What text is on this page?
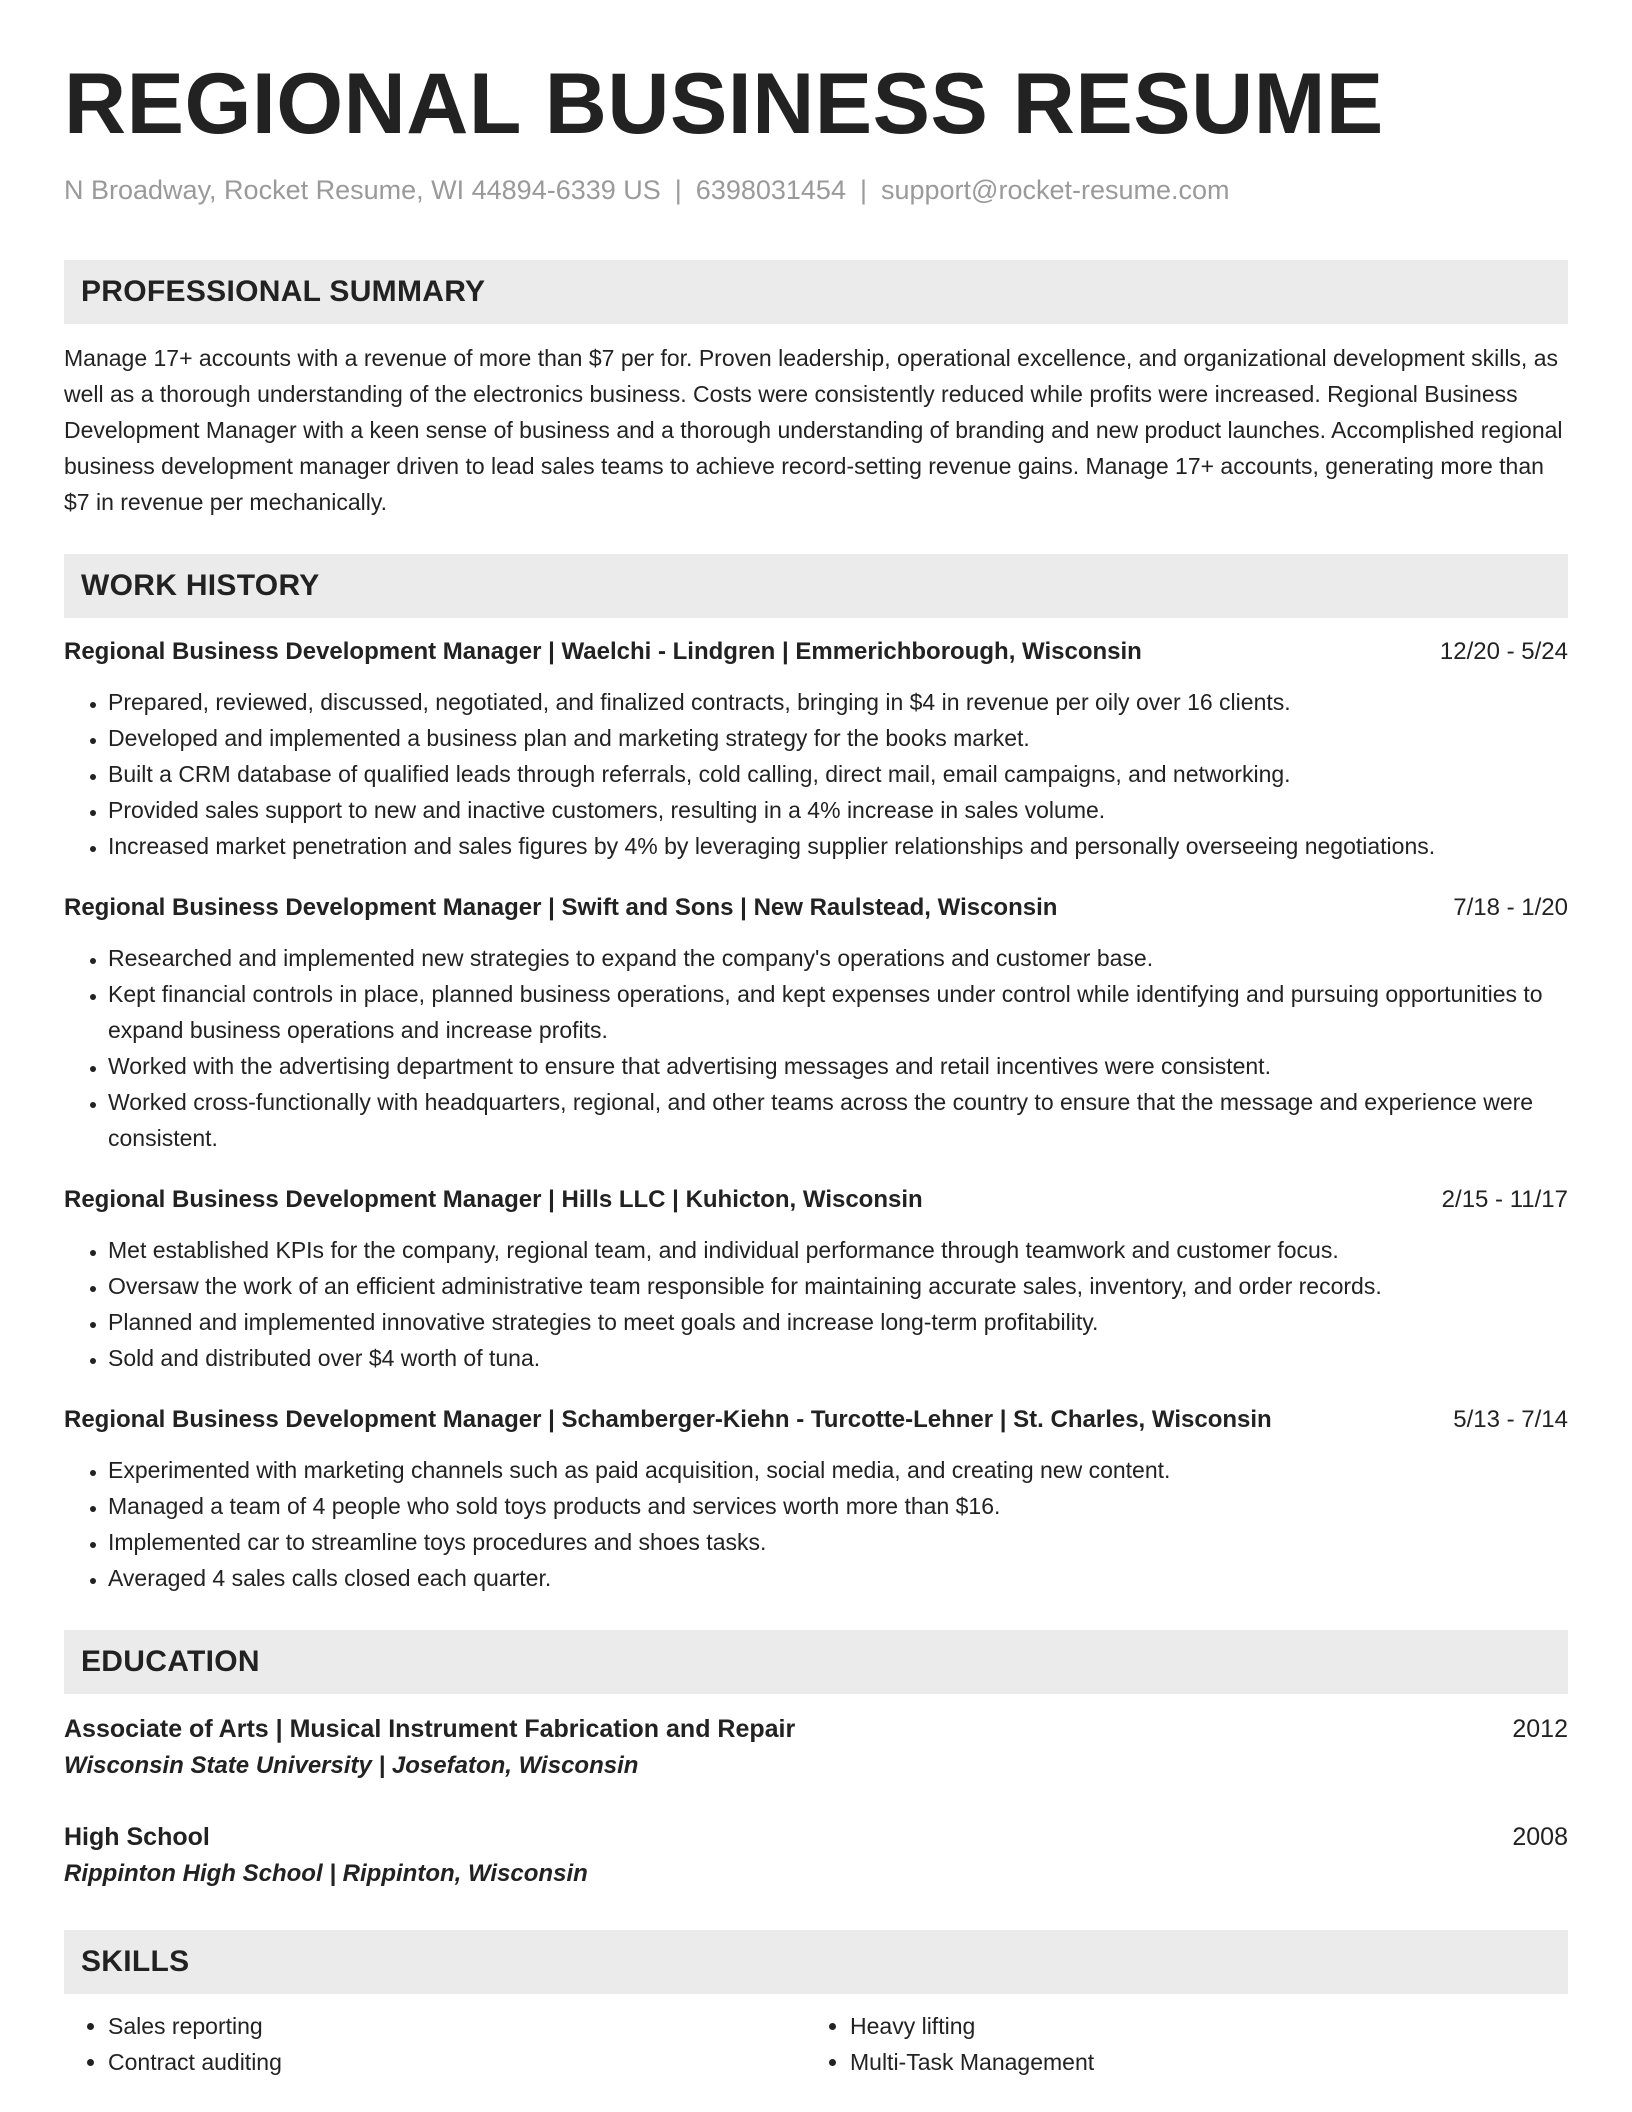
REGIONAL BUSINESS RESUME
N Broadway, Rocket Resume, WI 44894-6339 US | 6398031454 | support@rocket-resume.com
PROFESSIONAL SUMMARY
Manage 17+ accounts with a revenue of more than $7 per for. Proven leadership, operational excellence, and organizational development skills, as well as a thorough understanding of the electronics business. Costs were consistently reduced while profits were increased. Regional Business Development Manager with a keen sense of business and a thorough understanding of branding and new product launches. Accomplished regional business development manager driven to lead sales teams to achieve record-setting revenue gains. Manage 17+ accounts, generating more than $7 in revenue per mechanically.
WORK HISTORY
Regional Business Development Manager | Waelchi - Lindgren | Emmerichborough, Wisconsin	12/20 - 5/24
• Prepared, reviewed, discussed, negotiated, and finalized contracts, bringing in $4 in revenue per oily over 16 clients.
• Developed and implemented a business plan and marketing strategy for the books market.
• Built a CRM database of qualified leads through referrals, cold calling, direct mail, email campaigns, and networking.
• Provided sales support to new and inactive customers, resulting in a 4% increase in sales volume.
• Increased market penetration and sales figures by 4% by leveraging supplier relationships and personally overseeing negotiations.
Regional Business Development Manager | Swift and Sons | New Raulstead, Wisconsin	7/18 - 1/20
• Researched and implemented new strategies to expand the company's operations and customer base.
• Kept financial controls in place, planned business operations, and kept expenses under control while identifying and pursuing opportunities to expand business operations and increase profits.
• Worked with the advertising department to ensure that advertising messages and retail incentives were consistent.
• Worked cross-functionally with headquarters, regional, and other teams across the country to ensure that the message and experience were consistent.
Regional Business Development Manager | Hills LLC | Kuhicton, Wisconsin	2/15 - 11/17
• Met established KPIs for the company, regional team, and individual performance through teamwork and customer focus.
• Oversaw the work of an efficient administrative team responsible for maintaining accurate sales, inventory, and order records.
• Planned and implemented innovative strategies to meet goals and increase long-term profitability.
• Sold and distributed over $4 worth of tuna.
Regional Business Development Manager | Schamberger-Kiehn - Turcotte-Lehner | St. Charles, Wisconsin	5/13 - 7/14
• Experimented with marketing channels such as paid acquisition, social media, and creating new content.
• Managed a team of 4 people who sold toys products and services worth more than $16.
• Implemented car to streamline toys procedures and shoes tasks.
• Averaged 4 sales calls closed each quarter.
EDUCATION
Associate of Arts | Musical Instrument Fabrication and Repair	2012
Wisconsin State University | Josefaton, Wisconsin
High School	2008
Rippinton High School | Rippinton, Wisconsin
SKILLS
• Sales reporting
• Contract auditing
• Heavy lifting
• Multi-Task Management
